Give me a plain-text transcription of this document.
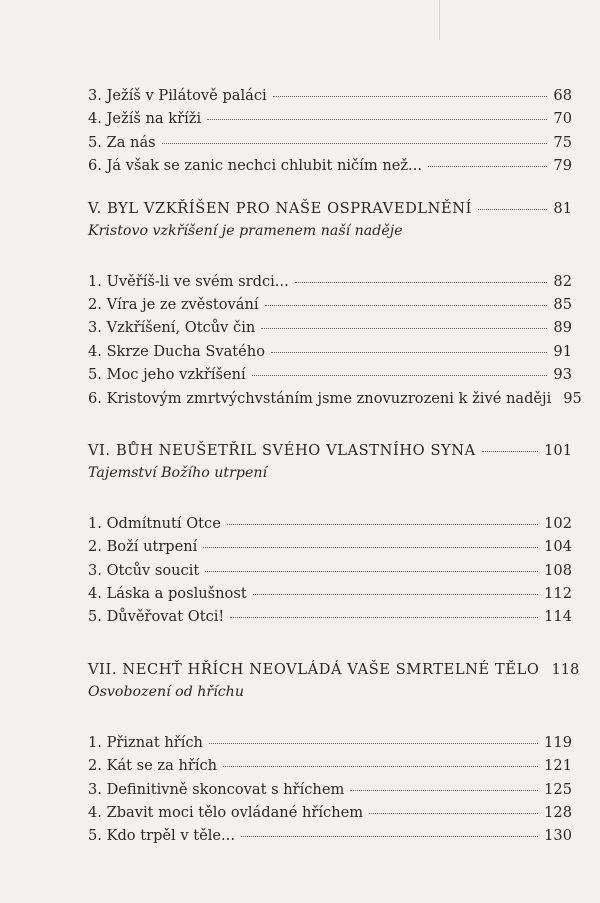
3. Ježíš v Pilátově paláci	68
4. Ježíš na kříži	70
5. Za nás	75
6. Já však se zanic nechci chlubit ničím než...	79
V. BYL VZKŘÍŠEN PRO NAŠE OSPRAVEDLNĚNÍ	81
Kristovo vzkříšení je pramenem naší naděje
1. Uvěříš-li ve svém srdci...	82
2. Víra je ze zvěstování	85
3. Vzkříšení, Otcův čin	89
4. Skrze Ducha Svatého	91
5. Moc jeho vzkříšení	93
6. Kristovým zmrtvýchvstáním jsme znovuzrozeni k živé naději 95
VI. BŮH NEUŠETŘIL SVÉHO VLASTNÍHO SYNA	101
Tajemství Božího utrpení
1. Odmítnutí Otce	102
2. Boží utrpení	104
3. Otcův soucit	108
4. Láska a poslušnost	112
5. Důvěřovat Otci!	114
VII. NECHŤ HŘÍCH NEOVLÁDÁ VAŠE SMRTELNÉ TĚLO 118
Osvobození od hříchu
1. Přiznat hřích	119
2. Kát se za hřích	121
3. Definitivně skoncovat s hříchem	125
4. Zbavit moci tělo ovládané hříchem	128
5. Kdo trpěl v těle...	130
